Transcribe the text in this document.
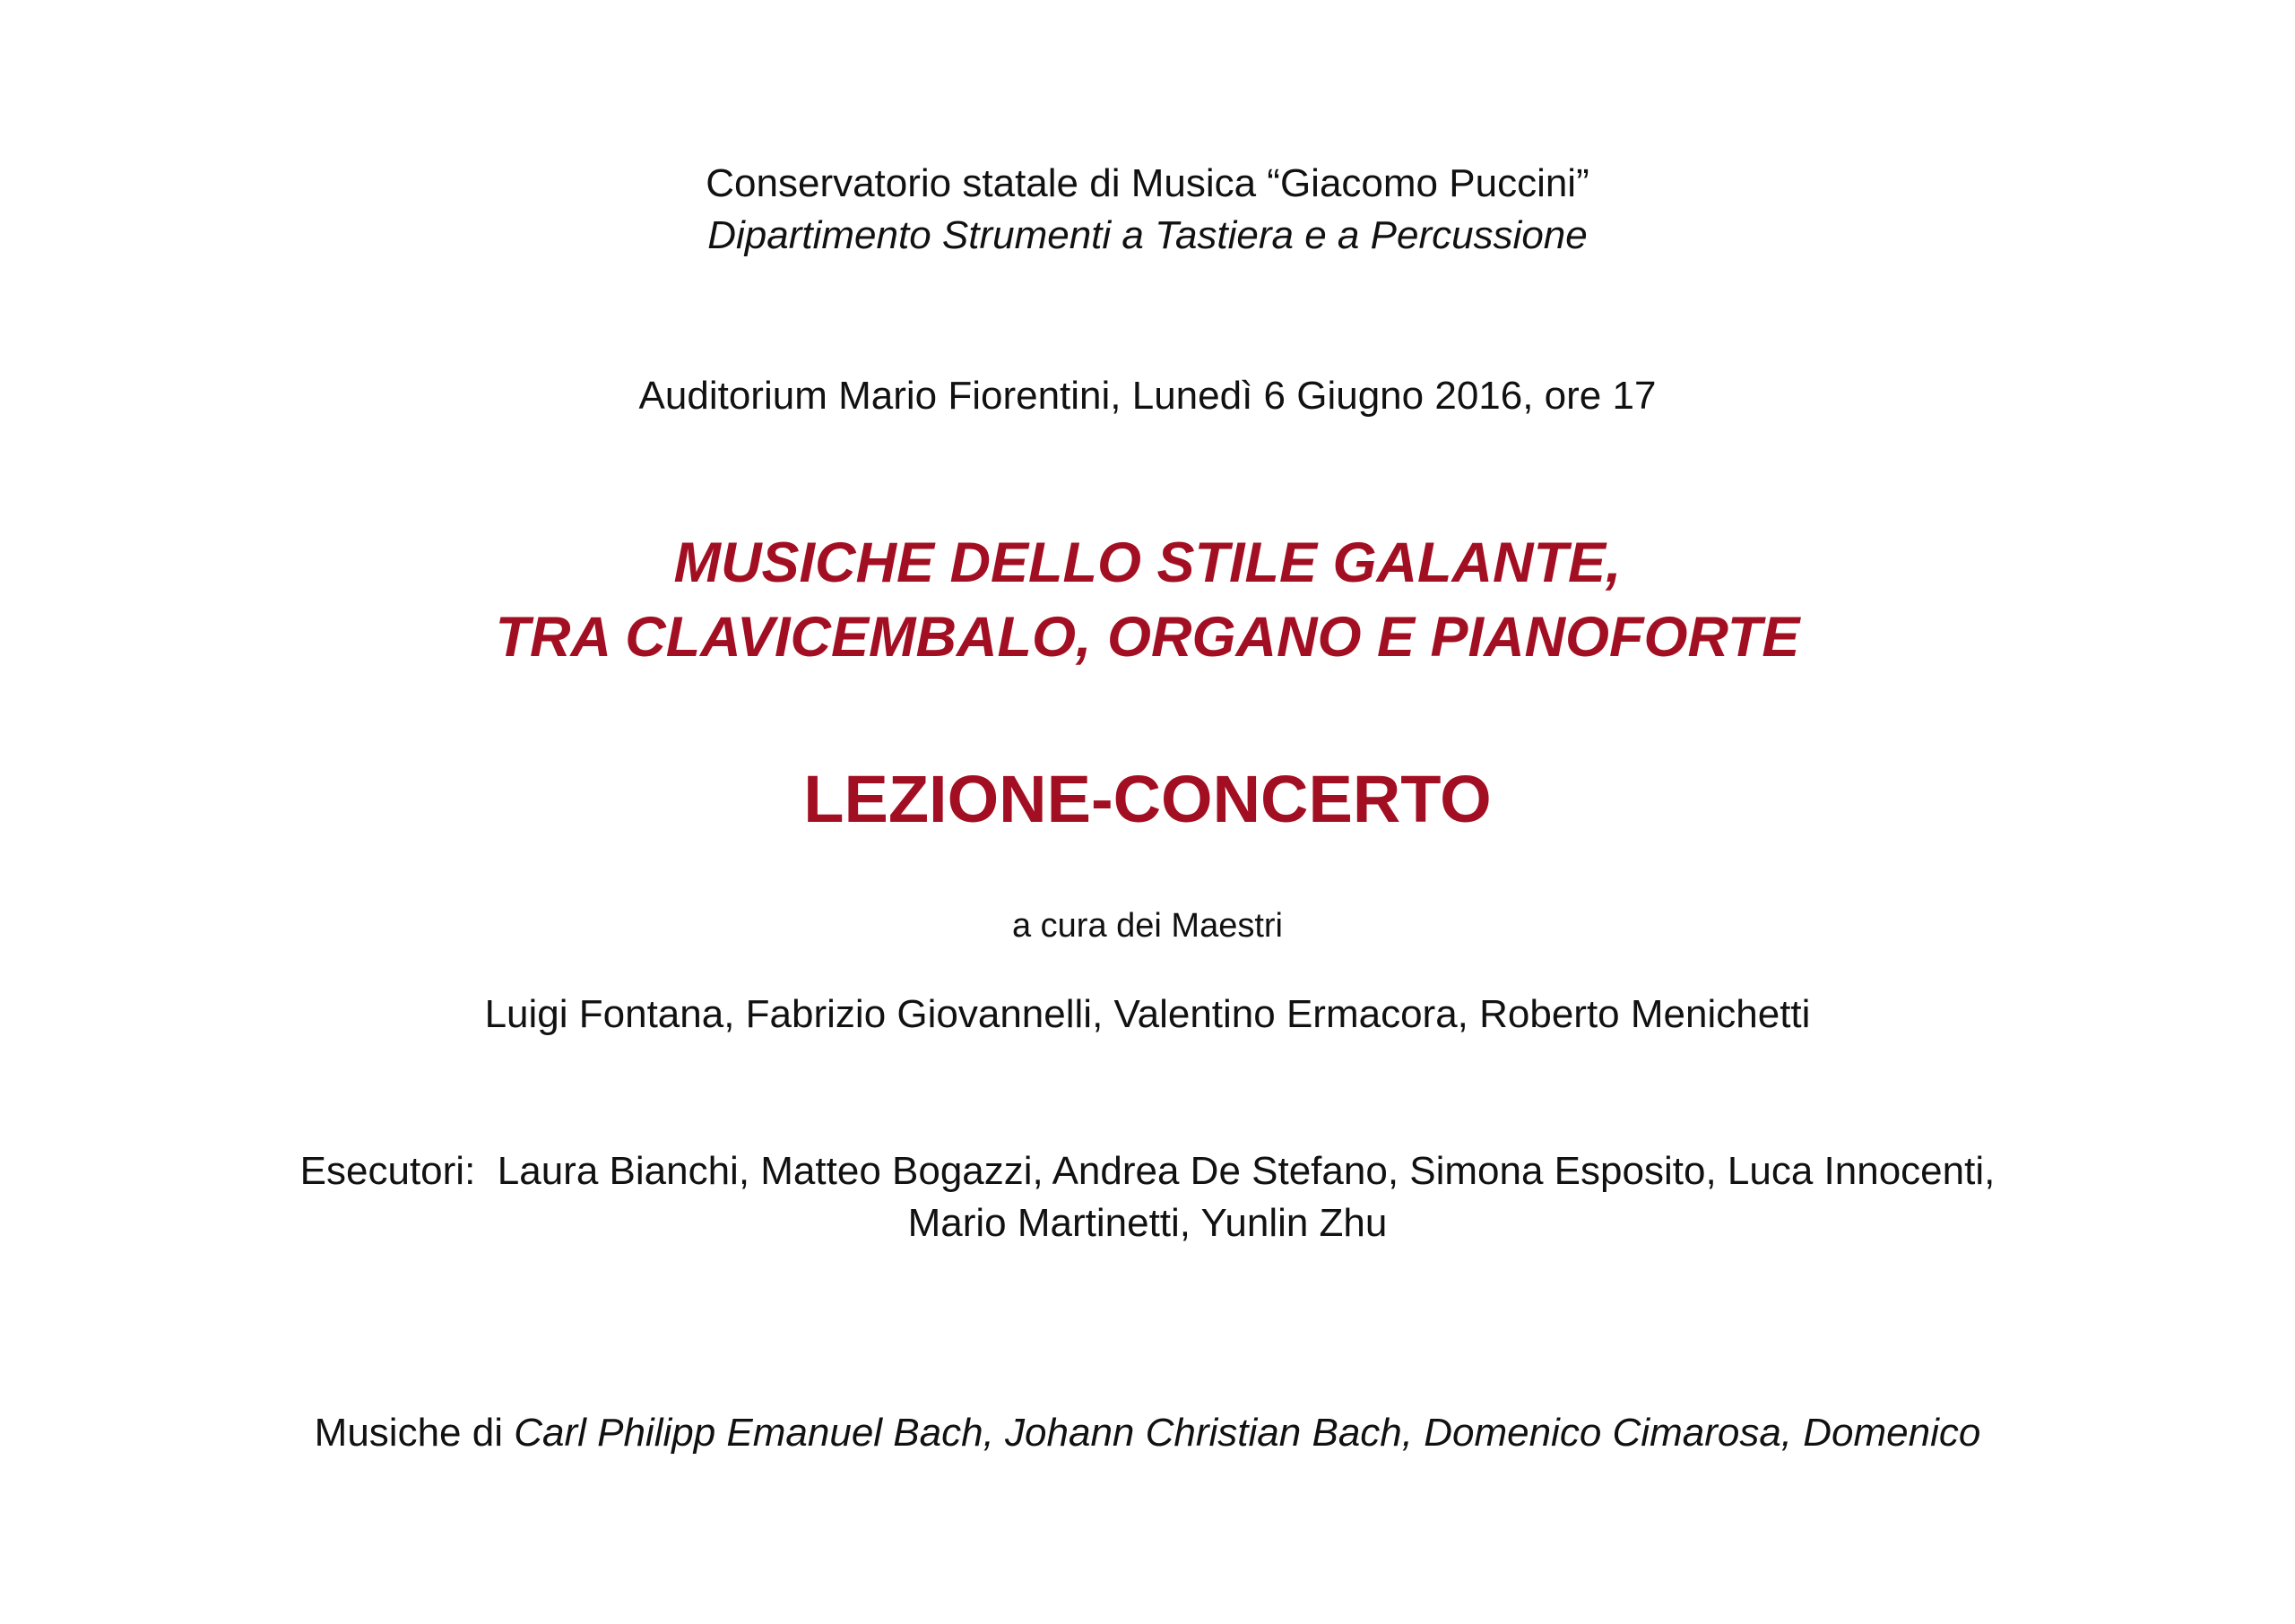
Conservatorio statale di Musica “Giacomo Puccini”
Dipartimento Strumenti a Tastiera e a Percussione
Auditorium Mario Fiorentini, Lunedì 6 Giugno 2016, ore 17
MUSICHE DELLO STILE GALANTE,
TRA CLAVICEMBALO, ORGANO E PIANOFORTE
LEZIONE-CONCERTO
a cura dei Maestri
Luigi Fontana, Fabrizio Giovannelli, Valentino Ermacora, Roberto Menichetti
Esecutori: Laura Bianchi, Matteo Bogazzi, Andrea De Stefano, Simona Esposito, Luca Innocenti,
Mario Martinetti, Yunlin Zhu
Musiche di Carl Philipp Emanuel Bach, Johann Christian Bach, Domenico Cimarosa, Domenico
